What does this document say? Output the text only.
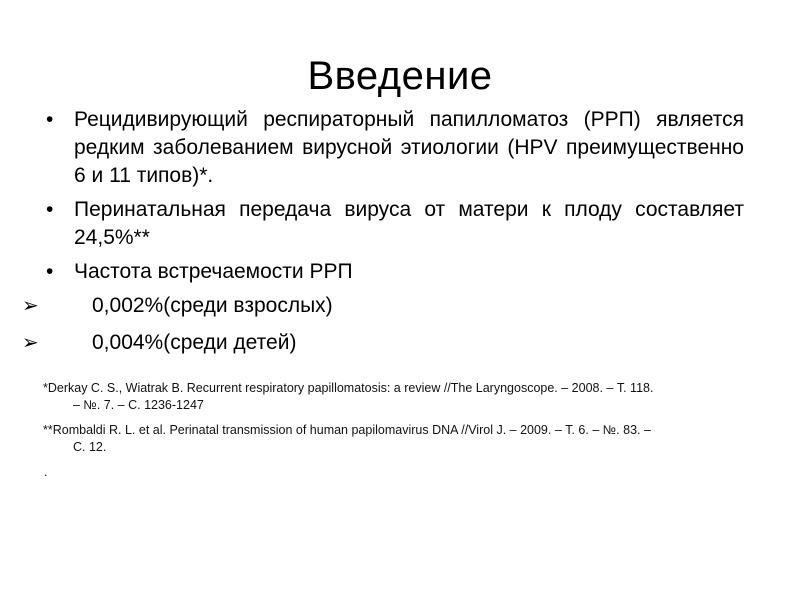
Введение
• Рецидивирующий респираторный папилломатоз (РРП) является редким заболеванием вирусной этиологии (HPV преимущественно 6 и 11 типов)*.
• Перинатальная передача вируса от матери к плоду составляет 24,5%**
• Частота встречаемости РРП
➢	0,002%(среди взрослых)
➢	0,004%(среди детей)
*Derkay C. S., Wiatrak B. Recurrent respiratory papillomatosis: a review //The Laryngoscope. – 2008. – Т. 118.
– №. 7. – С. 1236-1247
**Rombaldi R. L. et al. Perinatal transmission of human papilomavirus DNA //Virol J. – 2009. – Т. 6. – №. 83. –
С. 12.
.
